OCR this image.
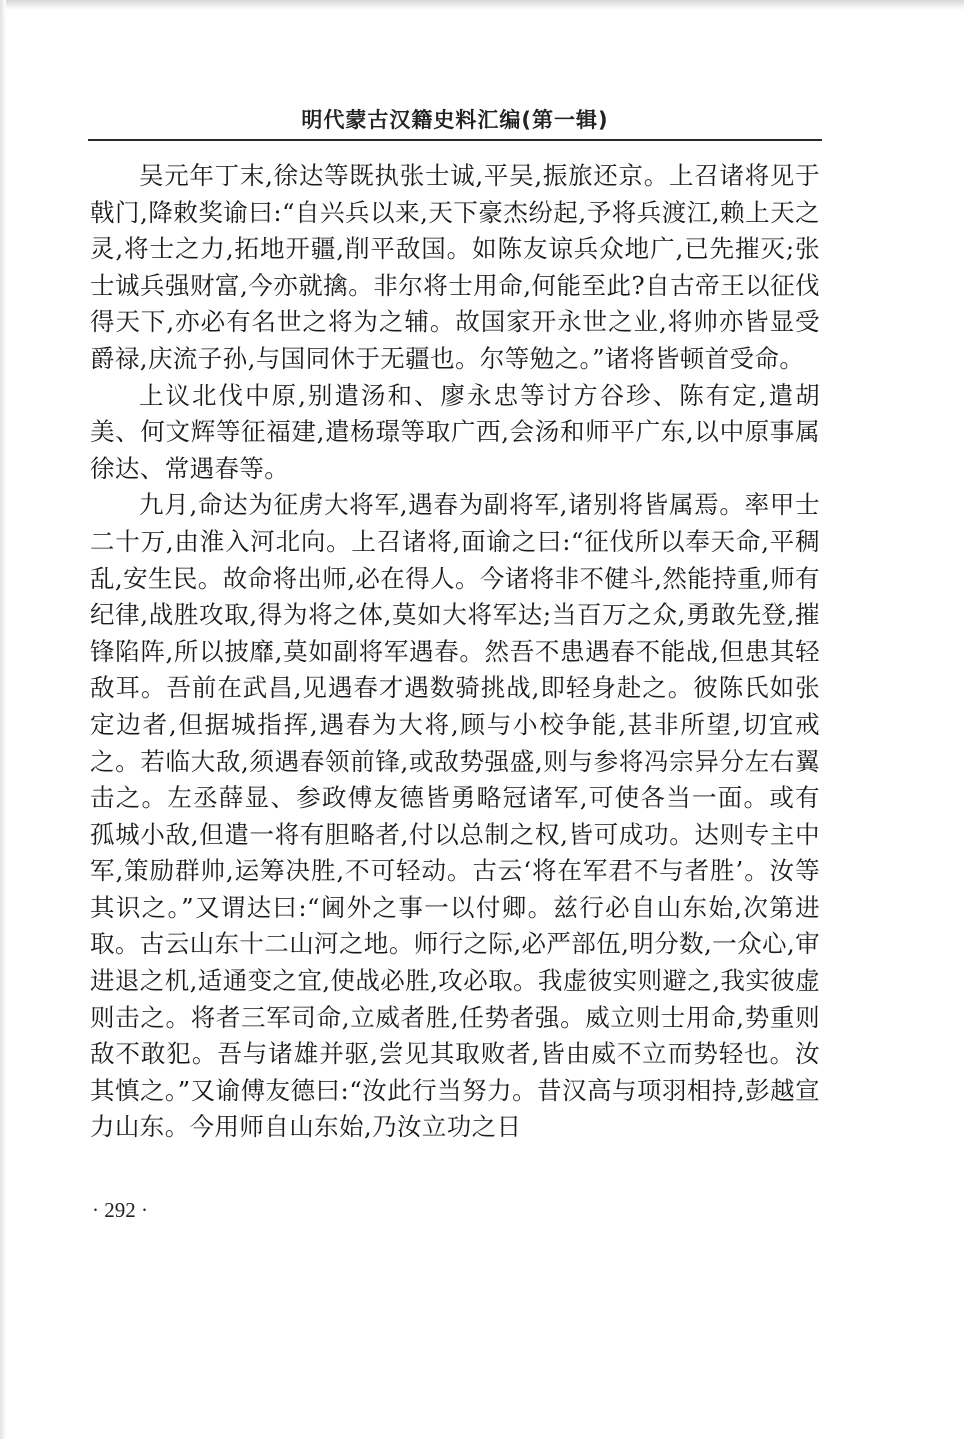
明代蒙古汉籍史料汇编(第一辑)

吴元年丁末,徐达等既执张士诚,平吴,振旅还京。上召诸将见于戟门,降敕奖谕曰:“自兴兵以来,天下豪杰纷起,予将兵渡江,赖上天之灵,将士之力,拓地开疆,削平敌国。如陈友谅兵众地广,已先摧灭;张士诚兵强财富,今亦就擒。非尔将士用命,何能至此?自古帝王以征伐得天下,亦必有名世之将为之辅。故国家开永世之业,将帅亦皆显受爵禄,庆流子孙,与国同休于无疆也。尔等勉之。”诸将皆顿首受命。

上议北伐中原,别遣汤和、廖永忠等讨方谷珍、陈有定,遣胡美、何文辉等征福建,遣杨璟等取广西,会汤和师平广东,以中原事属徐达、常遇春等。

九月,命达为征虏大将军,遇春为副将军,诸别将皆属焉。率甲士二十万,由淮入河北向。上召诸将,面谕之曰:“征伐所以奉天命,平稠乱,安生民。故命将出师,必在得人。今诸将非不健斗,然能持重,师有纪律,战胜攻取,得为将之体,莫如大将军达;当百万之众,勇敢先登,摧锋陷阵,所以披靡,莫如副将军遇春。然吾不患遇春不能战,但患其轻敌耳。吾前在武昌,见遇春才遇数骑挑战,即轻身赴之。彼陈氏如张定边者,但据城指挥,遇春为大将,顾与小校争能,甚非所望,切宜戒之。若临大敌,须遇春领前锋,或敌势强盛,则与参将冯宗异分左右翼击之。左丞薛显、参政傅友德皆勇略冠诸军,可使各当一面。或有孤城小敌,但遣一将有胆略者,付以总制之权,皆可成功。达则专主中军,策励群帅,运筹决胜,不可轻动。古云‘将在军君不与者胜’。汝等其识之。”又谓达曰:“阃外之事一以付卿。兹行必自山东始,次第进取。古云山东十二山河之地。师行之际,必严部伍,明分数,一众心,审进退之机,适通变之宜,使战必胜,攻必取。我虚彼实则避之,我实彼虚则击之。将者三军司命,立威者胜,任势者强。威立则士用命,势重则敌不敢犯。吾与诸雄并驱,尝见其取败者,皆由威不立而势轻也。汝其慎之。”又谕傅友德曰:“汝此行当努力。昔汉高与项羽相持,彭越宣力山东。今用师自山东始,乃汝立功之日

· 292 ·
